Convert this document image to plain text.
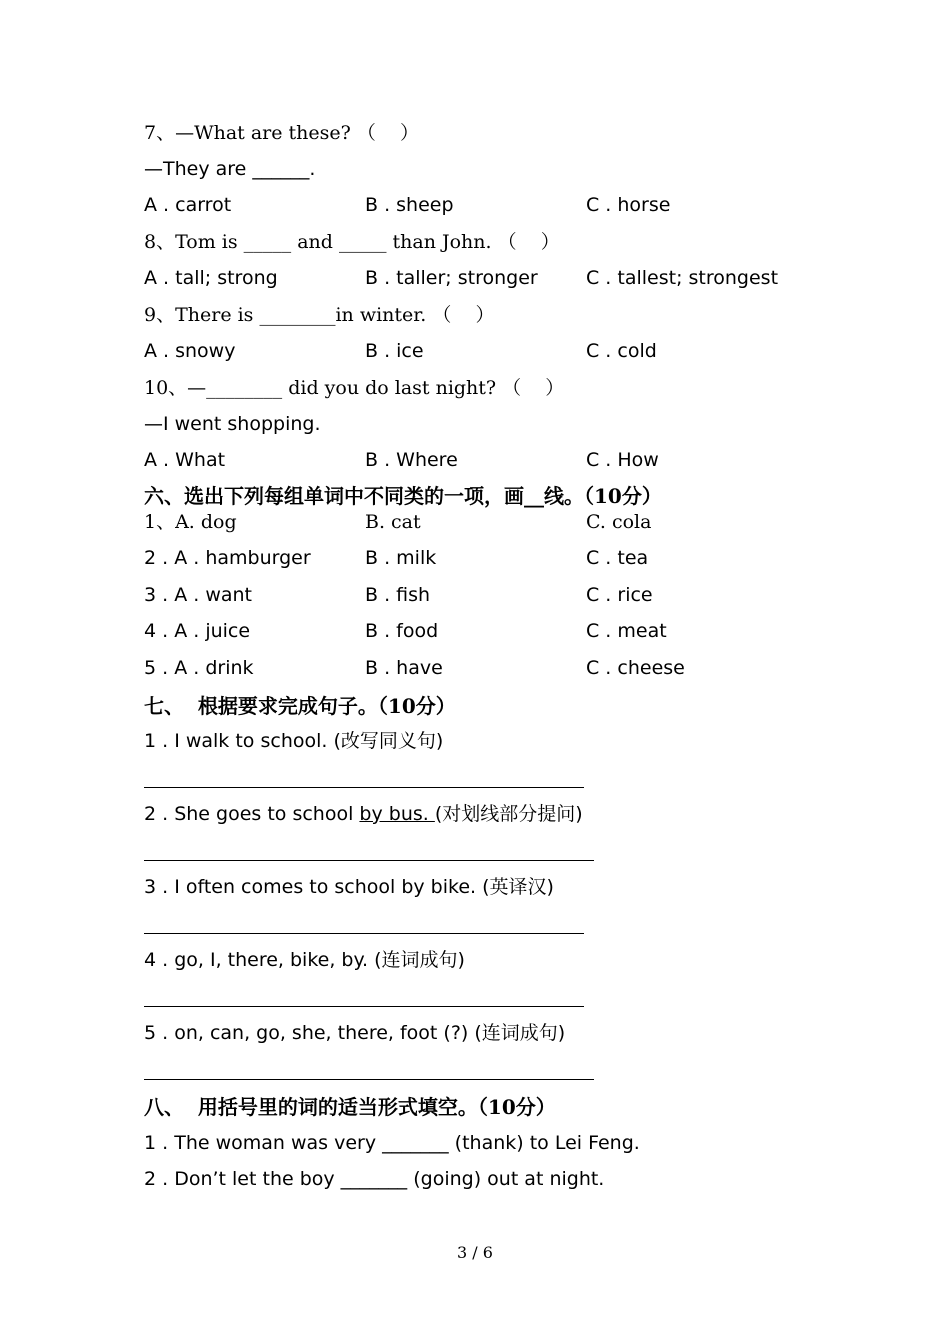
7、—What are these? （    ）
—They are ______.
A . carrot	B . sheep	C . horse
8、Tom is _____ and _____ than John. （    ）
A . tall; strong	B . taller; stronger	C . tallest; strongest
9、There is ________in winter. （    ）
A . snowy	B . ice	C . cold
10、—________ did you do last night? （    ）
—I went shopping.
A . What	B . Where	C . How
六、选出下列每组单词中不同类的一项，画__线。（10分）
1、A. dog	B. cat	C. cola
2 . A . hamburger	B . milk	C . tea
3 . A . want	B . fish	C . rice
4 . A . juice	B . food	C . meat
5 . A . drink	B . have	C . cheese
七、  根据要求完成句子。（10分）
1 . I walk to school. (改写同义句)
2 . She goes to school by bus. (对划线部分提问)
3 . I often comes to school by bike. (英译汉)
4 . go, I, there, bike, by. (连词成句)
5 . on, can, go, she, there, foot (?) (连词成句)
八、  用括号里的词的适当形式填空。（10分）
1 . The woman was very _______ (thank) to Lei Feng.
2 . Don’t let the boy _______ (going) out at night.
3 / 6
